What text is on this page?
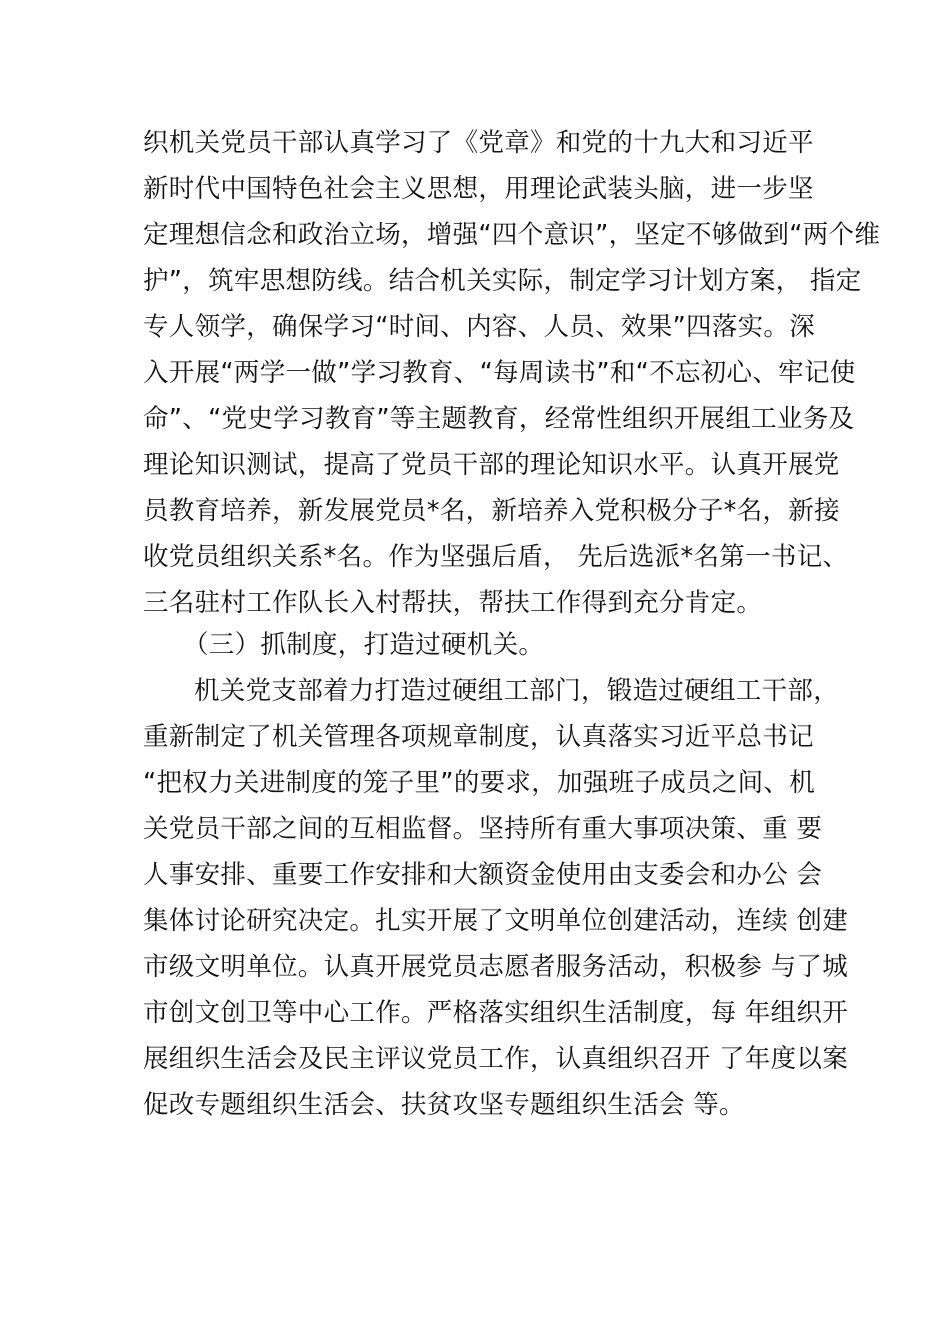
织机关党员干部认真学习了《党章》和党的十九大和习近平
新时代中国特色社会主义思想，用理论武装头脑，进一步坚
定理想信念和政治立场，增强“四个意识”，坚定不够做到“两个维
护”，筑牢思想防线。结合机关实际，制定学习计划方案， 指定
专人领学，确保学习“时间、内容、人员、效果”四落实。深
入开展“两学一做”学习教育、“每周读书”和“不忘初心、牢记使
命”、“党史学习教育”等主题教育，经常性组织开展组工业务及
理论知识测试，提高了党员干部的理论知识水平。认真开展党
员教育培养，新发展党员*名，新培养入党积极分子*名，新接
收党员组织关系*名。作为坚强后盾， 先后选派*名第一书记、
三名驻村工作队长入村帮扶，帮扶工作得到充分肯定。
（三）抓制度，打造过硬机关。
机关党支部着力打造过硬组工部门，锻造过硬组工干部，
重新制定了机关管理各项规章制度，认真落实习近平总书记
“把权力关进制度的笼子里”的要求，加强班子成员之间、机
关党员干部之间的互相监督。坚持所有重大事项决策、重 要
人事安排、重要工作安排和大额资金使用由支委会和办公 会
集体讨论研究决定。扎实开展了文明单位创建活动，连续 创建
市级文明单位。认真开展党员志愿者服务活动，积极参 与了城
市创文创卫等中心工作。严格落实组织生活制度，每 年组织开
展组织生活会及民主评议党员工作，认真组织召开 了年度以案
促改专题组织生活会、扶贫攻坚专题组织生活会 等。
